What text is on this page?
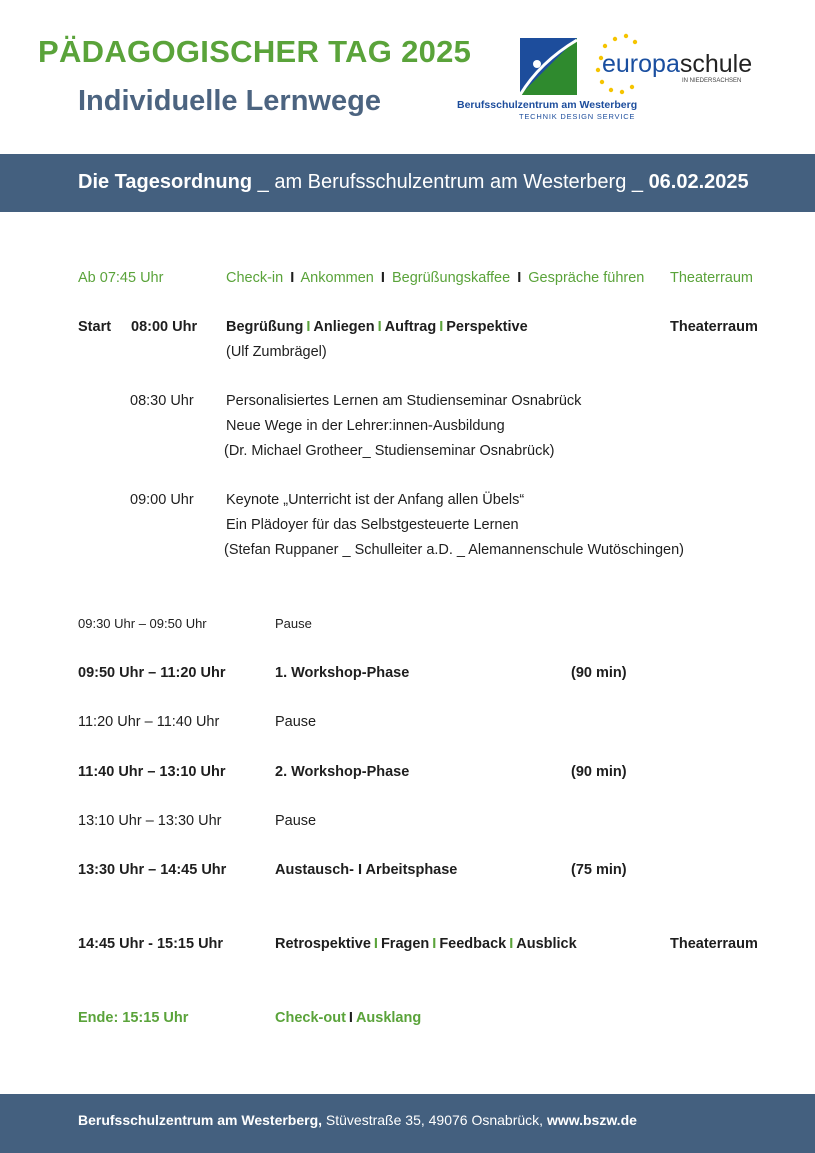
PÄDAGOGISCHER TAG 2025
Individuelle Lernwege
europaschule
IN NIEDERSACHSEN
Berufsschulzentrum am Westerberg
TECHNIK DESIGN SERVICE
Die Tagesordnung _ am Berufsschulzentrum am Westerberg _ 06.02.2025
Ab 07:45 Uhr	Check-in I Ankommen I Begrüßungskaffee I Gespräche führen Theaterraum
Start 08:00 Uhr Begrüßung I Anliegen I Auftrag I Perspektive	Theaterraum
(Ulf Zumbrägel)
08:30 Uhr Personalisiertes Lernen am Studienseminar Osnabrück
Neue Wege in der Lehrer:innen-Ausbildung
(Dr. Michael Grotheer_ Studienseminar Osnabrück)
09:00 Uhr Keynote „Unterricht ist der Anfang allen Übels“
Ein Plädoyer für das Selbstgesteuerte Lernen
(Stefan Ruppaner _ Schulleiter a.D. _ Alemannenschule Wutöschingen)
09:30 Uhr – 09:50 Uhr	Pause
09:50 Uhr – 11:20 Uhr	1. Workshop-Phase	(90 min)
11:20 Uhr – 11:40 Uhr	Pause
11:40 Uhr – 13:10 Uhr	2. Workshop-Phase	(90 min)
13:10 Uhr – 13:30 Uhr	Pause
13:30 Uhr – 14:45 Uhr	Austausch- I Arbeitsphase	(75 min)
14:45 Uhr - 15:15 Uhr	Retrospektive I Fragen I Feedback I Ausblick	Theaterraum
Ende: 15:15 Uhr	Check-out I Ausklang
Berufsschulzentrum am Westerberg, Stüvestraße 35, 49076 Osnabrück, www.bszw.de
